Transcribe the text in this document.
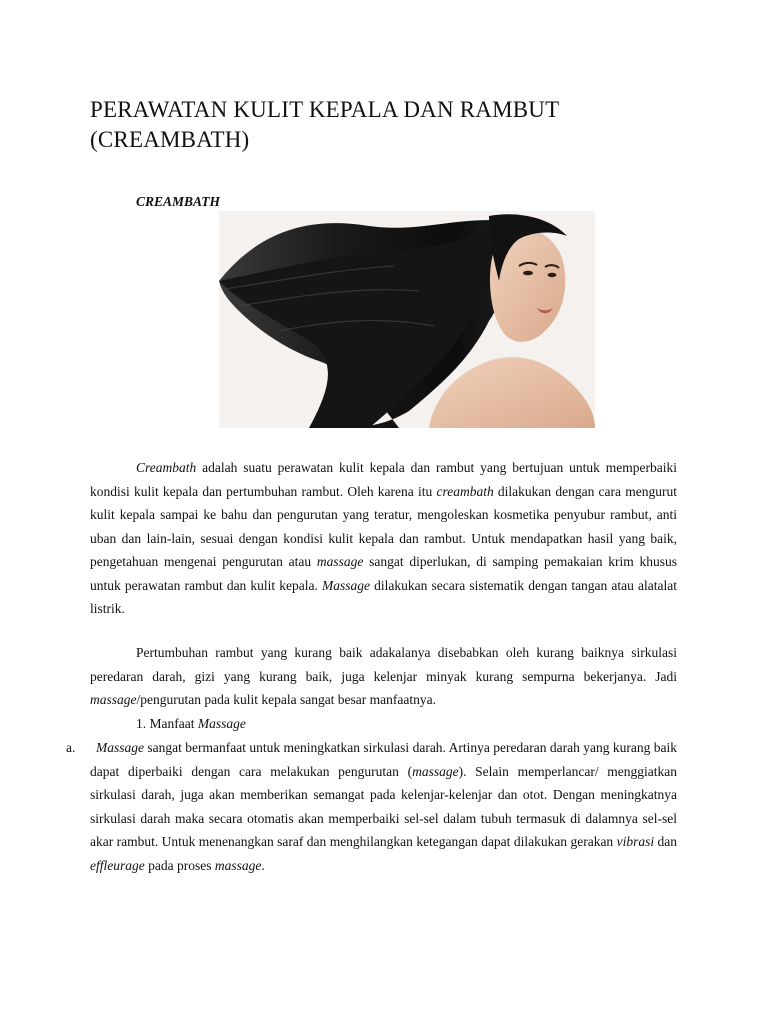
PERAWATAN KULIT KEPALA DAN RAMBUT (CREAMBATH)
CREAMBATH

Creambath adalah suatu perawatan kulit kepala dan rambut yang bertujuan untuk memperbaiki kondisi kulit kepala dan pertumbuhan rambut. Oleh karena itu creambath dilakukan dengan cara mengurut kulit kepala sampai ke bahu dan pengurutan yang teratur, mengoleskan kosmetika penyubur rambut, anti uban dan lain-lain, sesuai dengan kondisi kulit kepala dan rambut. Untuk mendapatkan hasil yang baik, pengetahuan mengenai pengurutan atau massage sangat diperlukan, di samping pemakaian krim khusus untuk perawatan rambut dan kulit kepala. Massage dilakukan secara sistematik dengan tangan atau alatalat listrik.

Pertumbuhan rambut yang kurang baik adakalanya disebabkan oleh kurang baiknya sirkulasi peredaran darah, gizi yang kurang baik, juga kelenjar minyak kurang sempurna bekerjanya. Jadi massage/pengurutan pada kulit kepala sangat besar manfaatnya.

1. Manfaat Massage

a.	Massage sangat bermanfaat untuk meningkatkan sirkulasi darah. Artinya peredaran darah yang kurang baik dapat diperbaiki dengan cara melakukan pengurutan (massage). Selain memperlancar/ menggiatkan sirkulasi darah, juga akan memberikan semangat pada kelenjar-kelenjar dan otot. Dengan meningkatnya sirkulasi darah maka secara otomatis akan memperbaiki sel-sel dalam tubuh termasuk di dalamnya sel-sel akar rambut. Untuk menenangkan saraf dan menghilangkan ketegangan dapat dilakukan gerakan vibrasi dan effleurage pada proses massage.
